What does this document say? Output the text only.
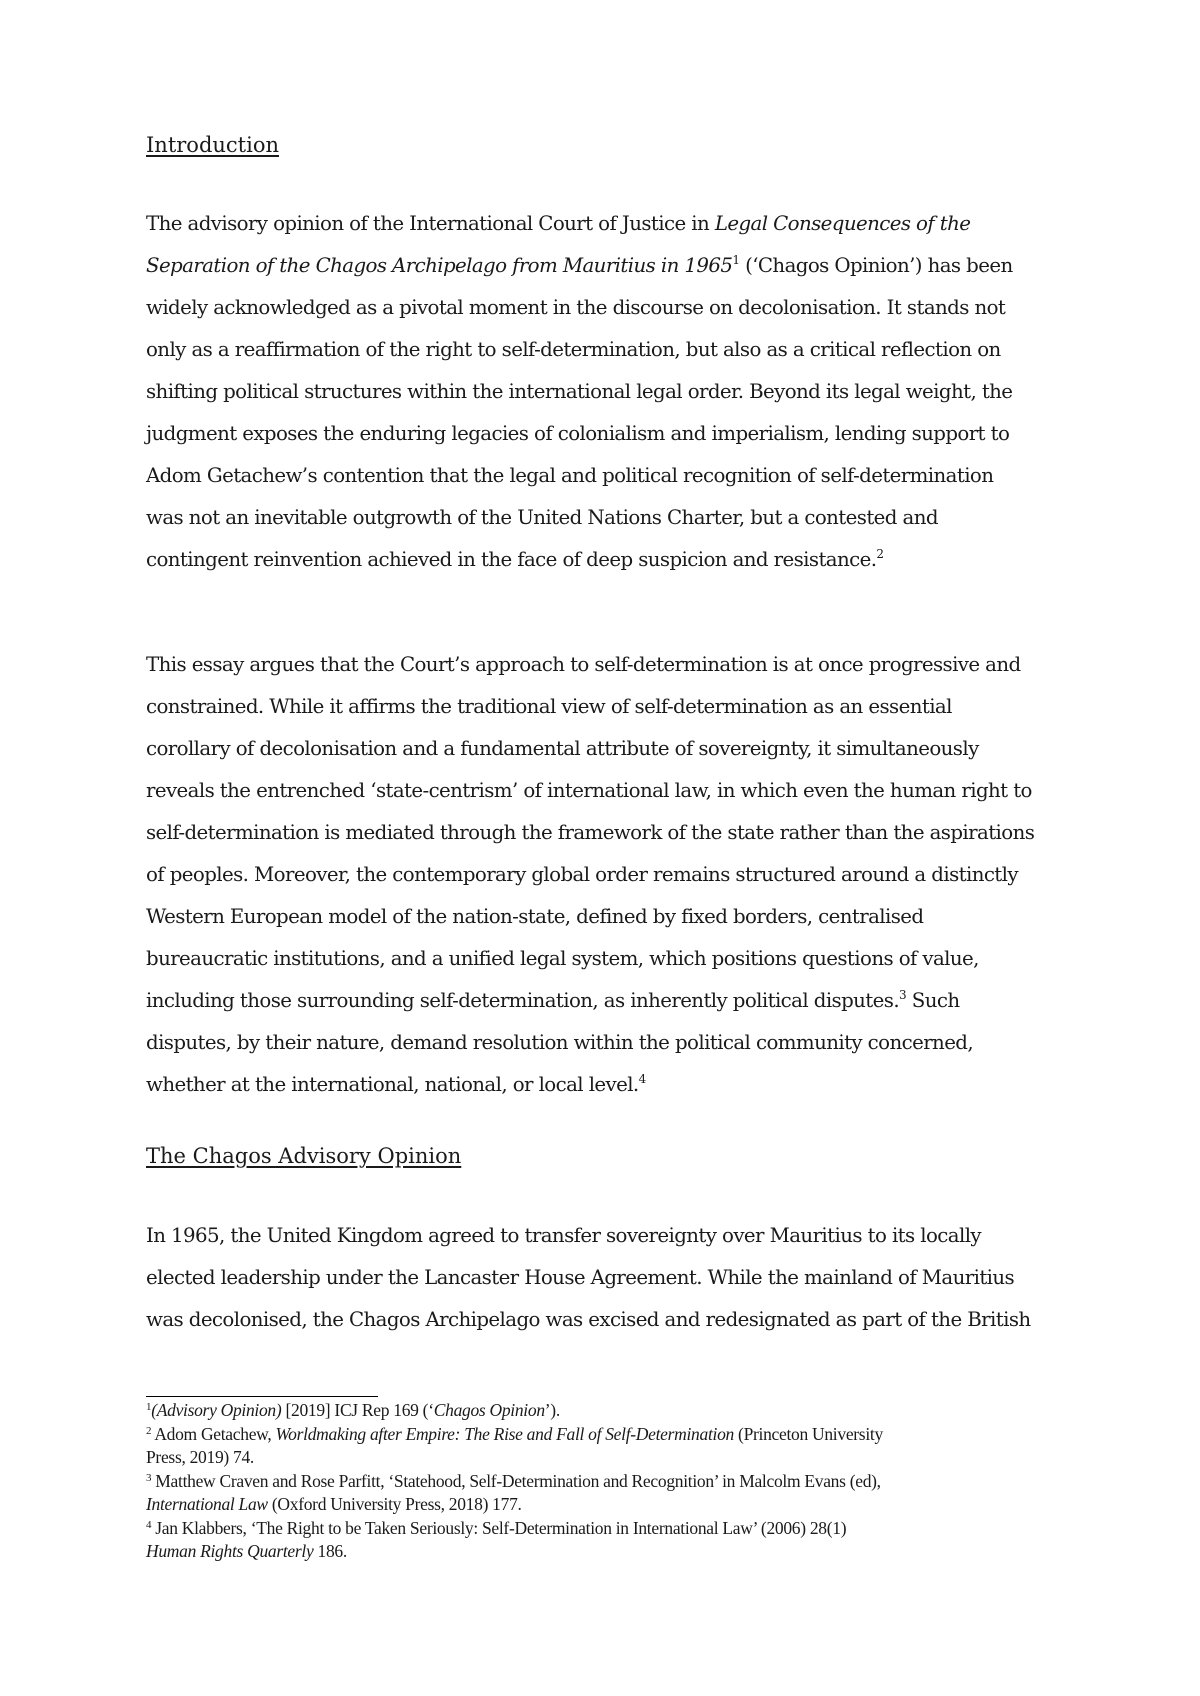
Introduction
The advisory opinion of the International Court of Justice in Legal Consequences of the
Separation of the Chagos Archipelago from Mauritius in 1965$^1$ (‘Chagos Opinion’) has been
widely acknowledged as a pivotal moment in the discourse on decolonisation. It stands not
only as a reaffirmation of the right to self-determination, but also as a critical reflection on
shifting political structures within the international legal order. Beyond its legal weight, the
judgment exposes the enduring legacies of colonialism and imperialism, lending support to
Adom Getachew’s contention that the legal and political recognition of self-determination
was not an inevitable outgrowth of the United Nations Charter, but a contested and
contingent reinvention achieved in the face of deep suspicion and resistance.$^2$
This essay argues that the Court’s approach to self-determination is at once progressive and
constrained. While it affirms the traditional view of self-determination as an essential
corollary of decolonisation and a fundamental attribute of sovereignty, it simultaneously
reveals the entrenched ‘state-centrism’ of international law, in which even the human right to
self-determination is mediated through the framework of the state rather than the aspirations
of peoples. Moreover, the contemporary global order remains structured around a distinctly
Western European model of the nation-state, defined by fixed borders, centralised
bureaucratic institutions, and a unified legal system, which positions questions of value,
including those surrounding self-determination, as inherently political disputes.$^3$ Such
disputes, by their nature, demand resolution within the political community concerned,
whether at the international, national, or local level.$^4$
The Chagos Advisory Opinion
In 1965, the United Kingdom agreed to transfer sovereignty over Mauritius to its locally
elected leadership under the Lancaster House Agreement. While the mainland of Mauritius
was decolonised, the Chagos Archipelago was excised and redesignated as part of the British
$^1$(Advisory Opinion) [2019] ICJ Rep 169 (‘Chagos Opinion’).
$^2$ Adom Getachew, Worldmaking after Empire: The Rise and Fall of Self-Determination (Princeton University
Press, 2019) 74.
$^3$ Matthew Craven and Rose Parfitt, ‘Statehood, Self-Determination and Recognition’ in Malcolm Evans (ed),
International Law (Oxford University Press, 2018) 177.
$^4$ Jan Klabbers, ‘The Right to be Taken Seriously: Self-Determination in International Law’ (2006) 28(1)
Human Rights Quarterly 186.
